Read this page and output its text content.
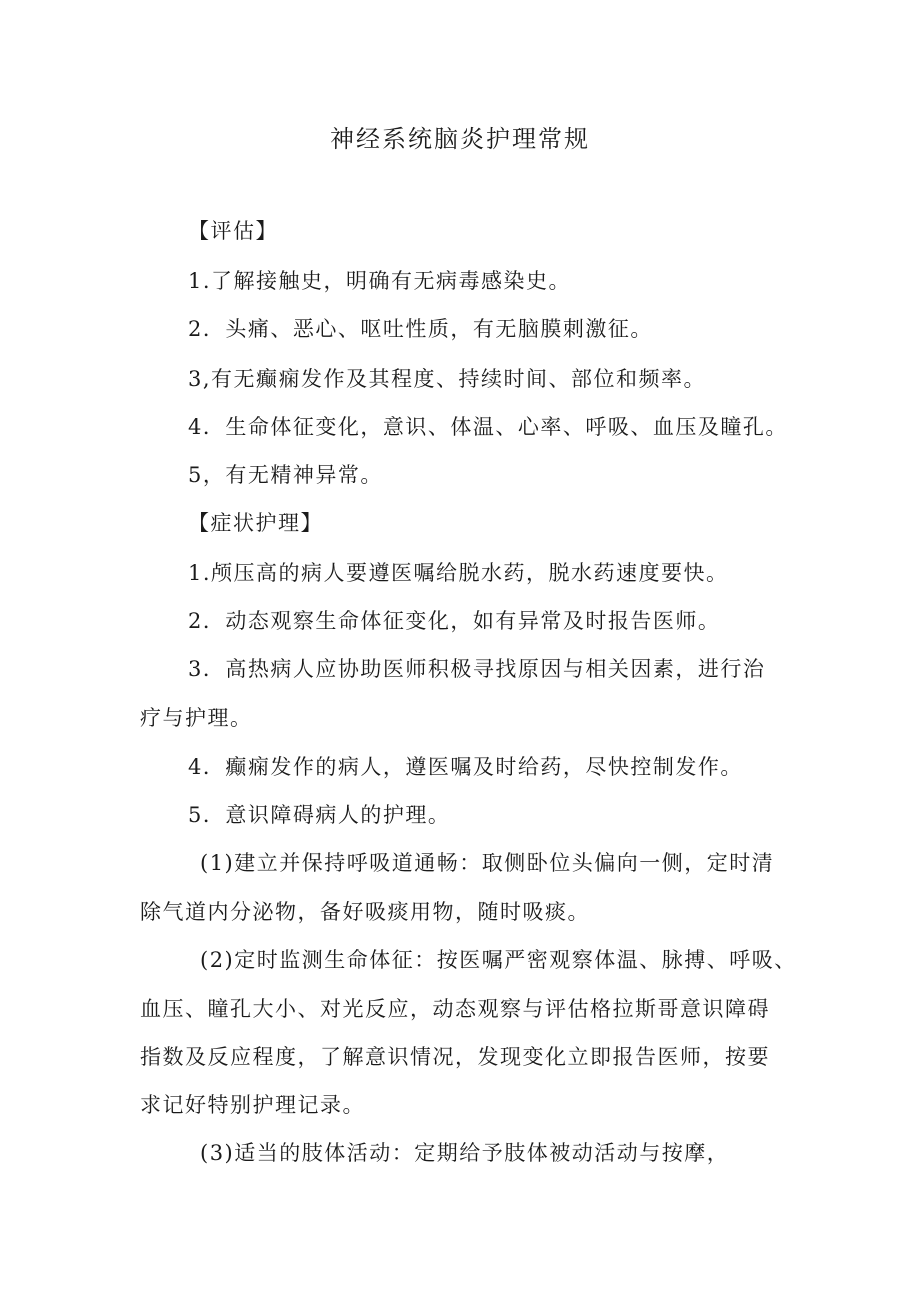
神经系统脑炎护理常规
【评估】
1.了解接触史，明确有无病毒感染史。
2．头痛、恶心、呕吐性质，有无脑膜刺激征。
3,有无癫痫发作及其程度、持续时间、部位和频率。
4．生命体征变化，意识、体温、心率、呼吸、血压及瞳孔。
5，有无精神异常。
【症状护理】
1.颅压高的病人要遵医嘱给脱水药，脱水药速度要快。
2．动态观察生命体征变化，如有异常及时报告医师。
3．高热病人应协助医师积极寻找原因与相关因素，进行治
疗与护理。
4．癫痫发作的病人，遵医嘱及时给药，尽快控制发作。
5．意识障碍病人的护理。
(1)建立并保持呼吸道通畅：取侧卧位头偏向一侧，定时清
除气道内分泌物，备好吸痰用物，随时吸痰。
(2)定时监测生命体征：按医嘱严密观察体温、脉搏、呼吸、
血压、瞳孔大小、对光反应，动态观察与评估格拉斯哥意识障碍
指数及反应程度，了解意识情况，发现变化立即报告医师，按要
求记好特别护理记录。
(3)适当的肢体活动：定期给予肢体被动活动与按摩，
